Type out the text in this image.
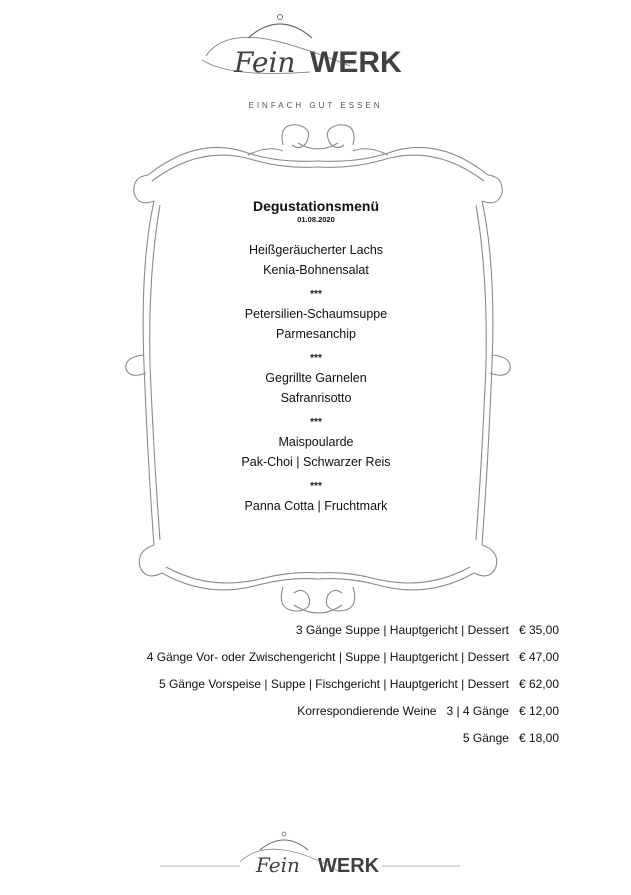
Fein WERK
EINFACH GUT ESSEN
Degustationsmenü
01.08.2020
Heißgeräucherter Lachs
Kenia-Bohnensalat
***
Petersilien-Schaumsuppe
Parmesanchip
***
Gegrillte Garnelen
Safranrisotto
***
Maispoularde
Pak-Choi | Schwarzer Reis
***
Panna Cotta | Fruchtmark
3 Gänge Suppe | Hauptgericht | Dessert € 35,00
4 Gänge Vor- oder Zwischengericht | Suppe | Hauptgericht | Dessert € 47,00
5 Gänge Vorspeise | Suppe | Fischgericht | Hauptgericht | Dessert € 62,00
Korrespondierende Weine   3 | 4 Gänge € 12,00
5 Gänge € 18,00
Fein WERK
